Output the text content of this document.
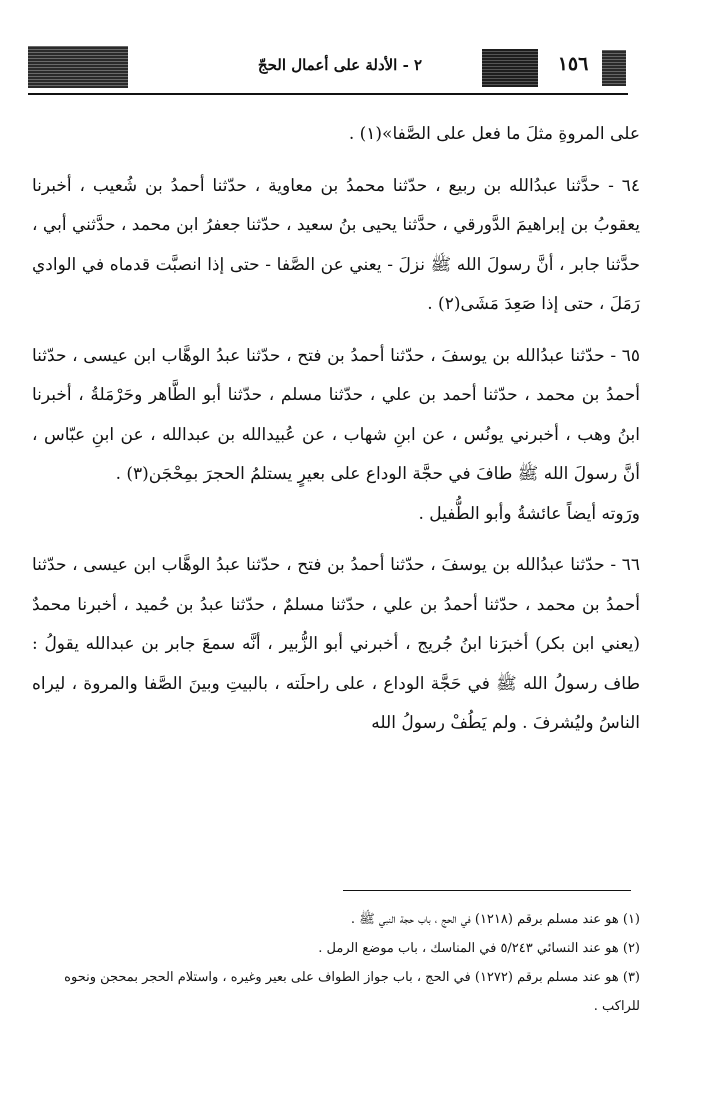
٢ - الأدلة على أعمال الحجّ	١٥٦

على المروةِ مثلَ ما فعل على الصَّفا»(١) .

٦٤ - حدَّثنا عبدُالله بن ربيع ، حدّثنا محمدُ بن معاوية ، حدّثنا أحمدُ بن شُعيب ، أخبرنا يعقوبُ بن إبراهيمَ الدَّورقي ، حدَّثنا يحيى بنُ سعيد ، حدّثنا جعفرُ ابن محمد ، حدَّثني أبي ، حدَّثنا جابر ، أنَّ رسولَ الله ﷺ نزلَ - يعني عن الصَّفا - حتى إذا انصبَّت قدماه في الوادي رَمَلَ ، حتى إذا صَعِدَ مَشَى(٢) .

٦٥ - حدّثنا عبدُالله بن يوسفَ ، حدّثنا أحمدُ بن فتح ، حدّثنا عبدُ الوهَّاب ابن عيسى ، حدّثنا أحمدُ بن محمد ، حدّثنا أحمد بن علي ، حدّثنا مسلم ، حدّثنا أبو الطَّاهر وحَرْمَلةُ ، أخبرنا ابنُ وهب ، أخبرني يونُس ، عن ابنِ شهاب ، عن عُبيدالله بن عبدالله ، عن ابنِ عبّاس ، أنَّ رسولَ الله ﷺ طافَ في حجَّة الوداع على بعيرٍ يستلمُ الحجرَ بمِحْجَن(٣) .

ورَوته أيضاً عائشةُ وأبو الطُّفيل .

٦٦ - حدّثنا عبدُالله بن يوسفَ ، حدّثنا أحمدُ بن فتح ، حدّثنا عبدُ الوهَّاب ابن عيسى ، حدّثنا أحمدُ بن محمد ، حدّثنا أحمدُ بن علي ، حدّثنا مسلمٌ ، حدّثنا عبدُ بن حُميد ، أخبرنا محمدٌ (يعني ابن بكر) أخبرَنا ابنُ جُريج ، أخبرني أبو الزُّبير ، أنَّه سمعَ جابر بن عبدالله يقولُ : طاف رسولُ الله ﷺ في حَجَّة الوداع ، على راحلَته ، بالبيتِ وبينَ الصَّفا والمروة ، ليراه الناسُ وليُشرفَ . ولم يَطُفْ رسولُ الله

(١) هو عند مسلم برقم (١٢١٨) في الحج ، باب حجة النبي ﷺ .

(٢) هو عند النسائي ٥/٢٤٣ في المناسك ، باب موضع الرمل .

(٣) هو عند مسلم برقم (١٢٧٢) في الحج ، باب جواز الطواف على بعير وغيره ، واستلام الحجر بمحجن ونحوه للراكب .
